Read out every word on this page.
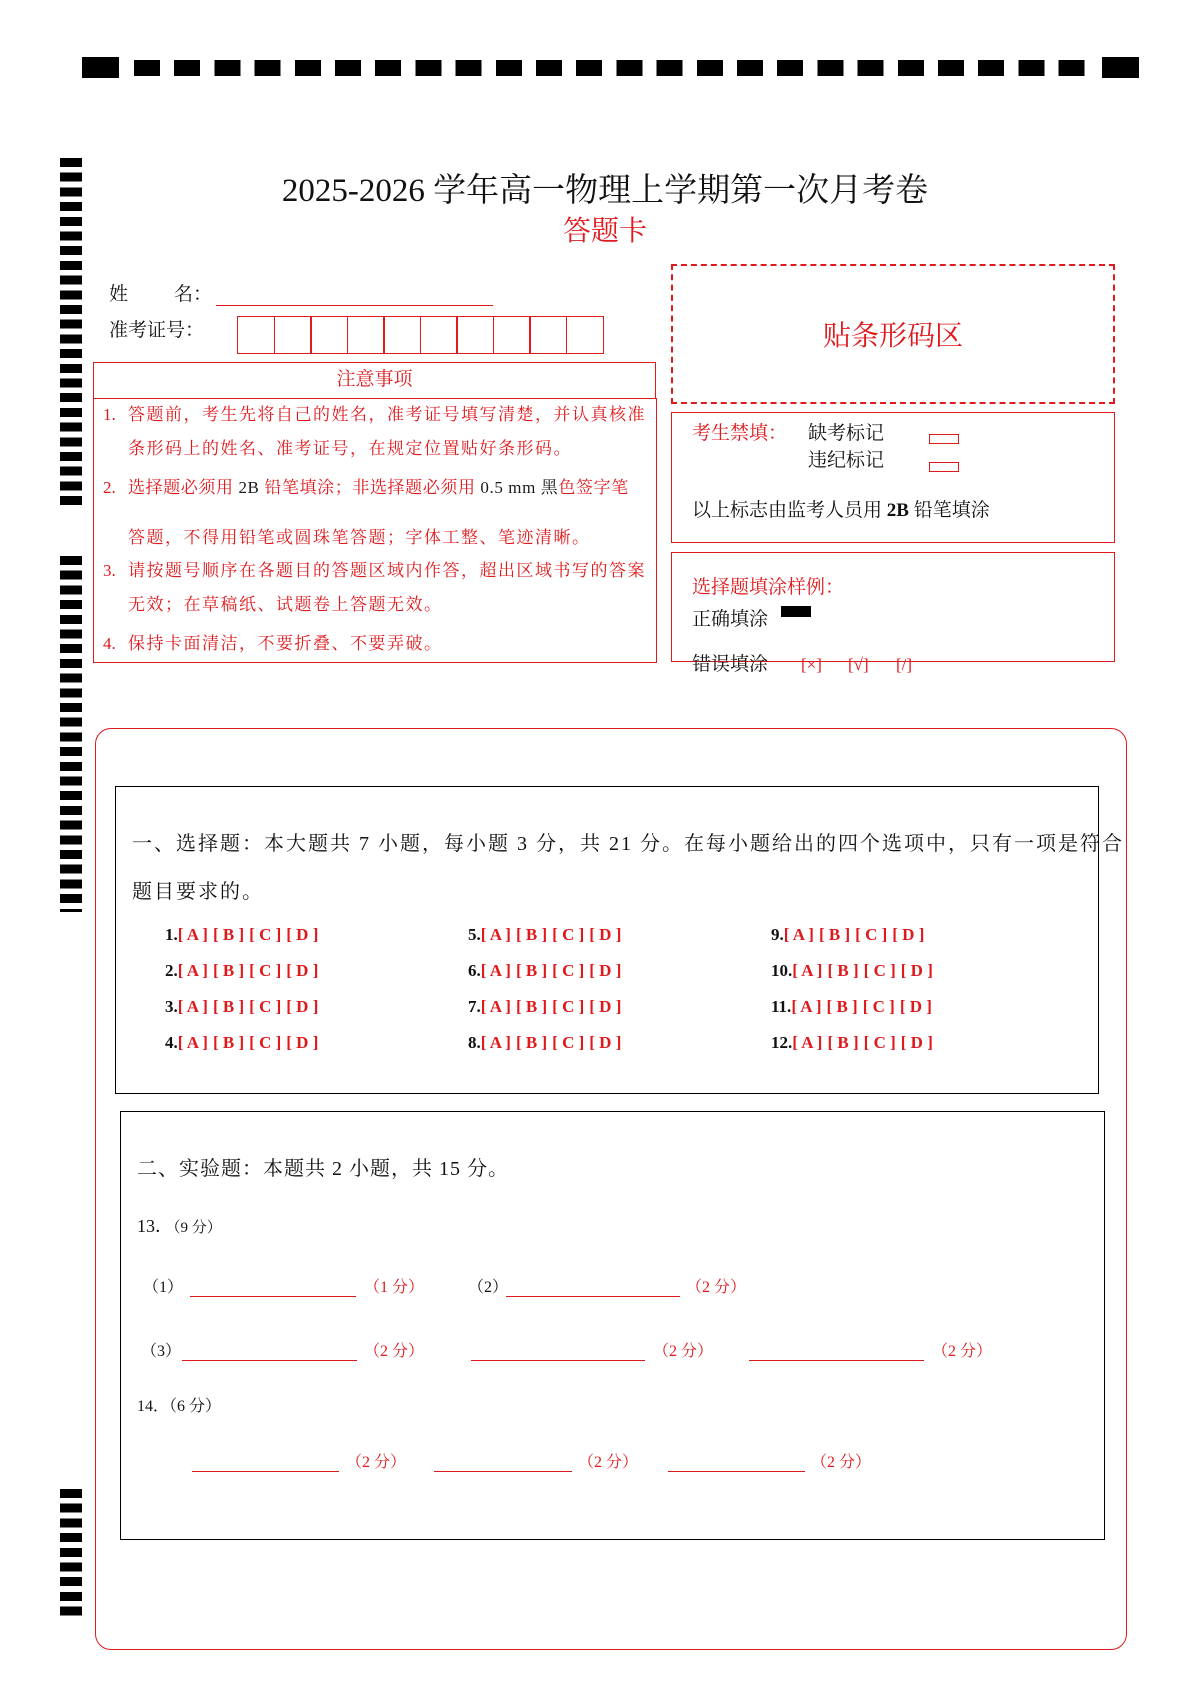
2025-2026 学年高一物理上学期第一次月考卷
答题卡
姓 名：
准考证号：
注意事项
1. 答题前，考生先将自己的姓名，准考证号填写清楚，并认真核准
条形码上的姓名、准考证号，在规定位置贴好条形码。
2. 选择题必须用 2B 铅笔填涂；非选择题必须用 0.5 mm 黑色签字笔
答题，不得用铅笔或圆珠笔答题；字体工整、笔迹清晰。
3. 请按题号顺序在各题目的答题区域内作答，超出区域书写的答案
无效；在草稿纸、试题卷上答题无效。
4. 保持卡面清洁，不要折叠、不要弄破。
贴条形码区
考生禁填： 缺考标记
违纪标记
以上标志由监考人员用 2B 铅笔填涂
选择题填涂样例：
正确填涂
错误填涂 [×] [√] [/]
一、选择题：本大题共 7 小题，每小题 3 分，共 21 分。在每小题给出的四个选项中，只有一项是符合
题目要求的。
1.[ A ] [ B ] [ C ] [ D ]
2.[ A ] [ B ] [ C ] [ D ]
3.[ A ] [ B ] [ C ] [ D ]
4.[ A ] [ B ] [ C ] [ D ]
5.[ A ] [ B ] [ C ] [ D ]
6.[ A ] [ B ] [ C ] [ D ]
7.[ A ] [ B ] [ C ] [ D ]
8.[ A ] [ B ] [ C ] [ D ]
9.[ A ] [ B ] [ C ] [ D ]
10.[ A ] [ B ] [ C ] [ D ]
11.[ A ] [ B ] [ C ] [ D ]
12.[ A ] [ B ] [ C ] [ D ]
二、实验题：本题共 2 小题，共 15 分。
13．（9 分）
（1）	（1 分）	（2）	（2 分）
（3）	（2 分）	（2 分）	（2 分）
14．（6 分）
（2 分）	（2 分）	（2 分）
